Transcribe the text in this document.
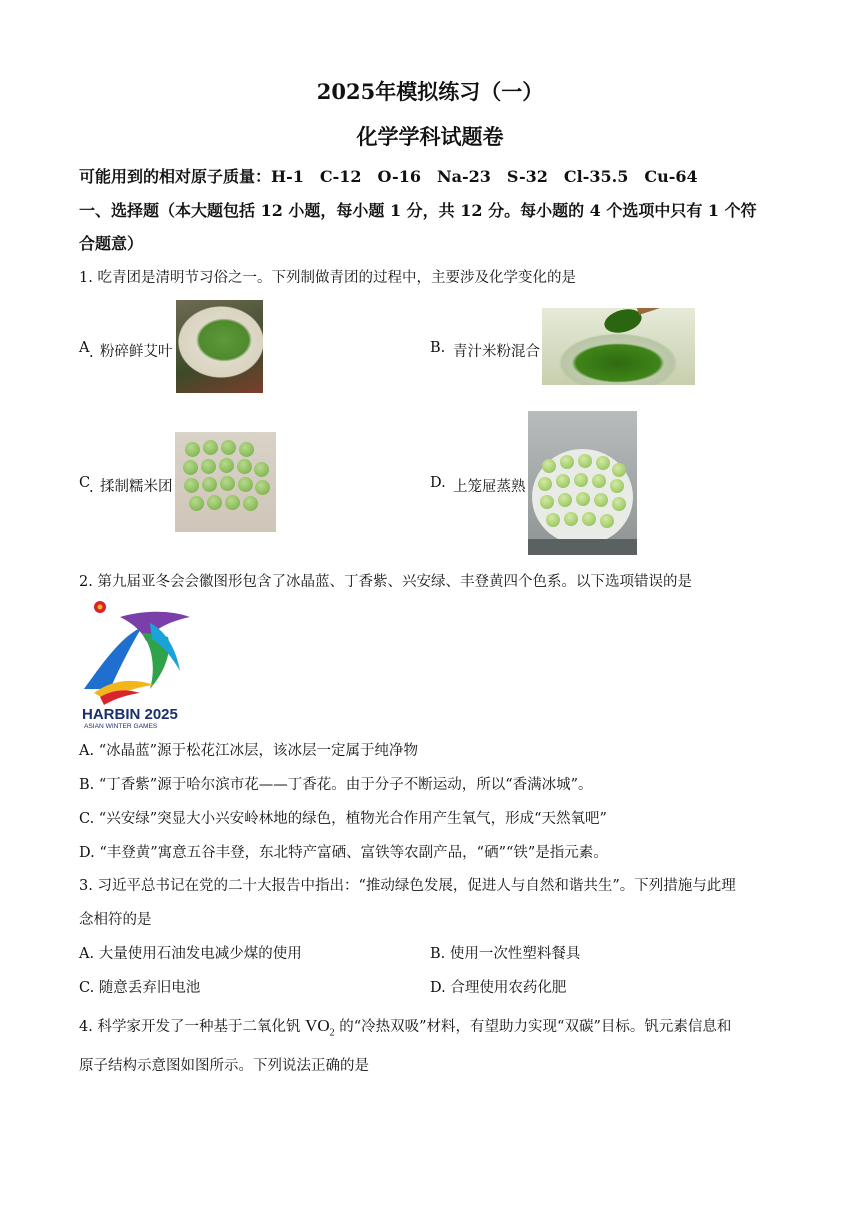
2025年模拟练习（一）
化学学科试题卷
可能用到的相对原子质量：H-1　C-12　O-16　Na-23　S-32　Cl-35.5　Cu-64
一、选择题（本大题包括 12 小题，每小题 1 分，共 12 分。每小题的 4 个选项中只有 1 个符
合题意）
1. 吃青团是清明节习俗之一。下列制做青团的过程中，主要涉及化学变化的是
A
· 粉碎鲜艾叶	B. 青汁米粉混合
C
· 揉制糯米团	D. 上笼屉蒸熟
2. 第九届亚冬会会徽图形包含了冰晶蓝、丁香紫、兴安绿、丰登黄四个色系。以下选项错误的是
HARBIN 2025
ASIAN WINTER GAMES
A. “冰晶蓝”源于松花江冰层，该冰层一定属于纯净物
B. “丁香紫”源于哈尔滨市花——丁香花。由于分子不断运动，所以“香满冰城”。
C. “兴安绿”突显大小兴安岭林地的绿色，植物光合作用产生氧气，形成“天然氧吧”
D. “丰登黄”寓意五谷丰登，东北特产富硒、富铁等农副产品，“硒”“铁”是指元素。
3. 习近平总书记在党的二十大报告中指出：“推动绿色发展，促进人与自然和谐共生”。下列措施与此理
念相符的是
A. 大量使用石油发电减少煤的使用	B. 使用一次性塑料餐具
C. 随意丢弃旧电池	D. 合理使用农药化肥
4. 科学家开发了一种基于二氧化钒 $VO_2$ 的“冷热双吸”材料，有望助力实现“双碳”目标。钒元素信息和
原子结构示意图如图所示。下列说法正确的是
